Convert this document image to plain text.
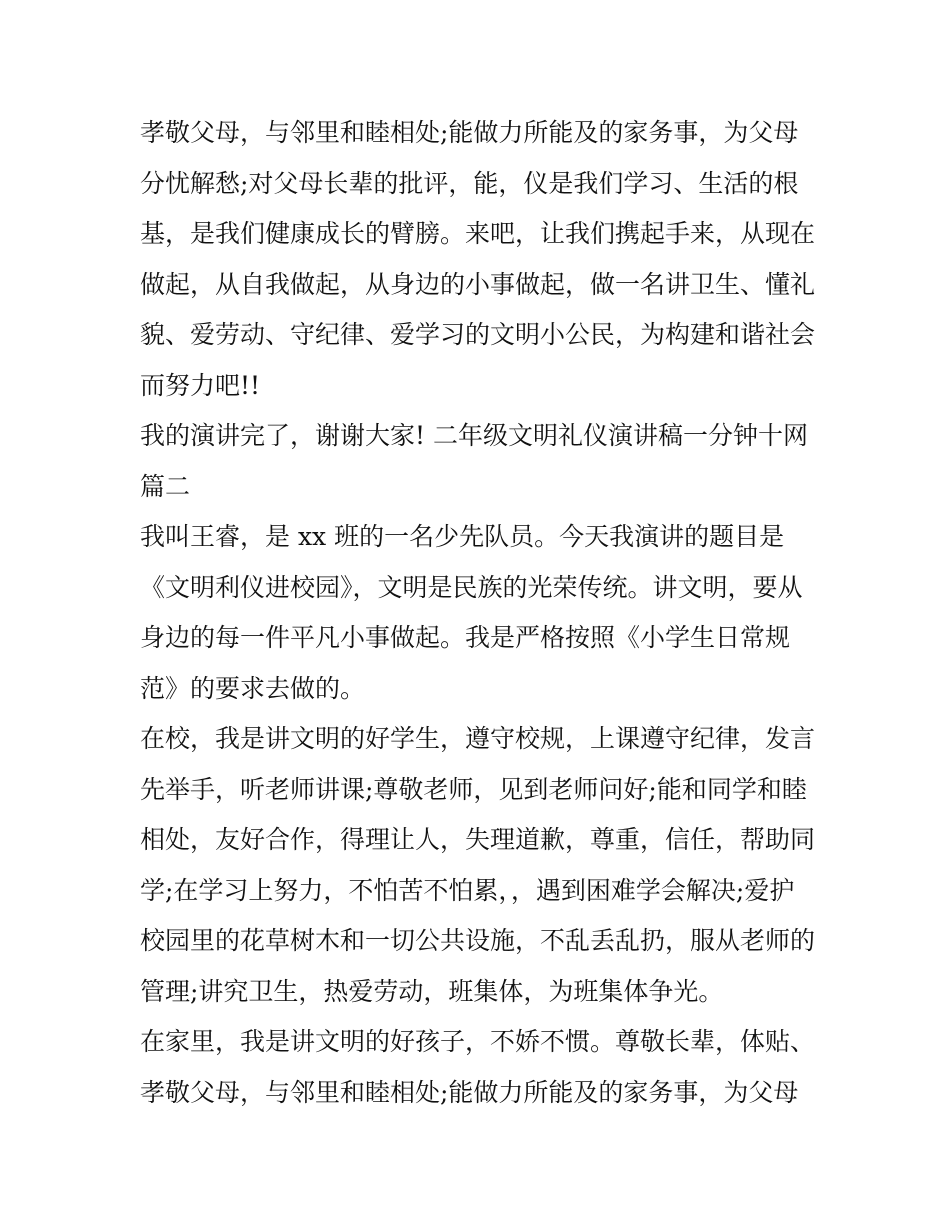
孝敬父母，与邻里和睦相处;能做力所能及的家务事，为父母
分忧解愁;对父母长辈的批评，能，仪是我们学习、生活的根
基，是我们健康成长的臂膀。来吧，让我们携起手来，从现在
做起，从自我做起，从身边的小事做起，做一名讲卫生、懂礼
貌、爱劳动、守纪律、爱学习的文明小公民，为构建和谐社会
而努力吧!!
我的演讲完了，谢谢大家! 二年级文明礼仪演讲稿一分钟十网
篇二
我叫王睿，是 xx 班的一名少先队员。今天我演讲的题目是
《文明利仪进校园》，文明是民族的光荣传统。讲文明，要从
身边的每一件平凡小事做起。我是严格按照《小学生日常规
范》的要求去做的。
在校，我是讲文明的好学生，遵守校规，上课遵守纪律，发言
先举手，听老师讲课;尊敬老师，见到老师问好;能和同学和睦
相处，友好合作，得理让人，失理道歉，尊重，信任，帮助同
学;在学习上努力，不怕苦不怕累，，遇到困难学会解决;爱护
校园里的花草树木和一切公共设施，不乱丢乱扔，服从老师的
管理;讲究卫生，热爱劳动，班集体，为班集体争光。
在家里，我是讲文明的好孩子，不娇不惯。尊敬长辈，体贴、
孝敬父母，与邻里和睦相处;能做力所能及的家务事，为父母
